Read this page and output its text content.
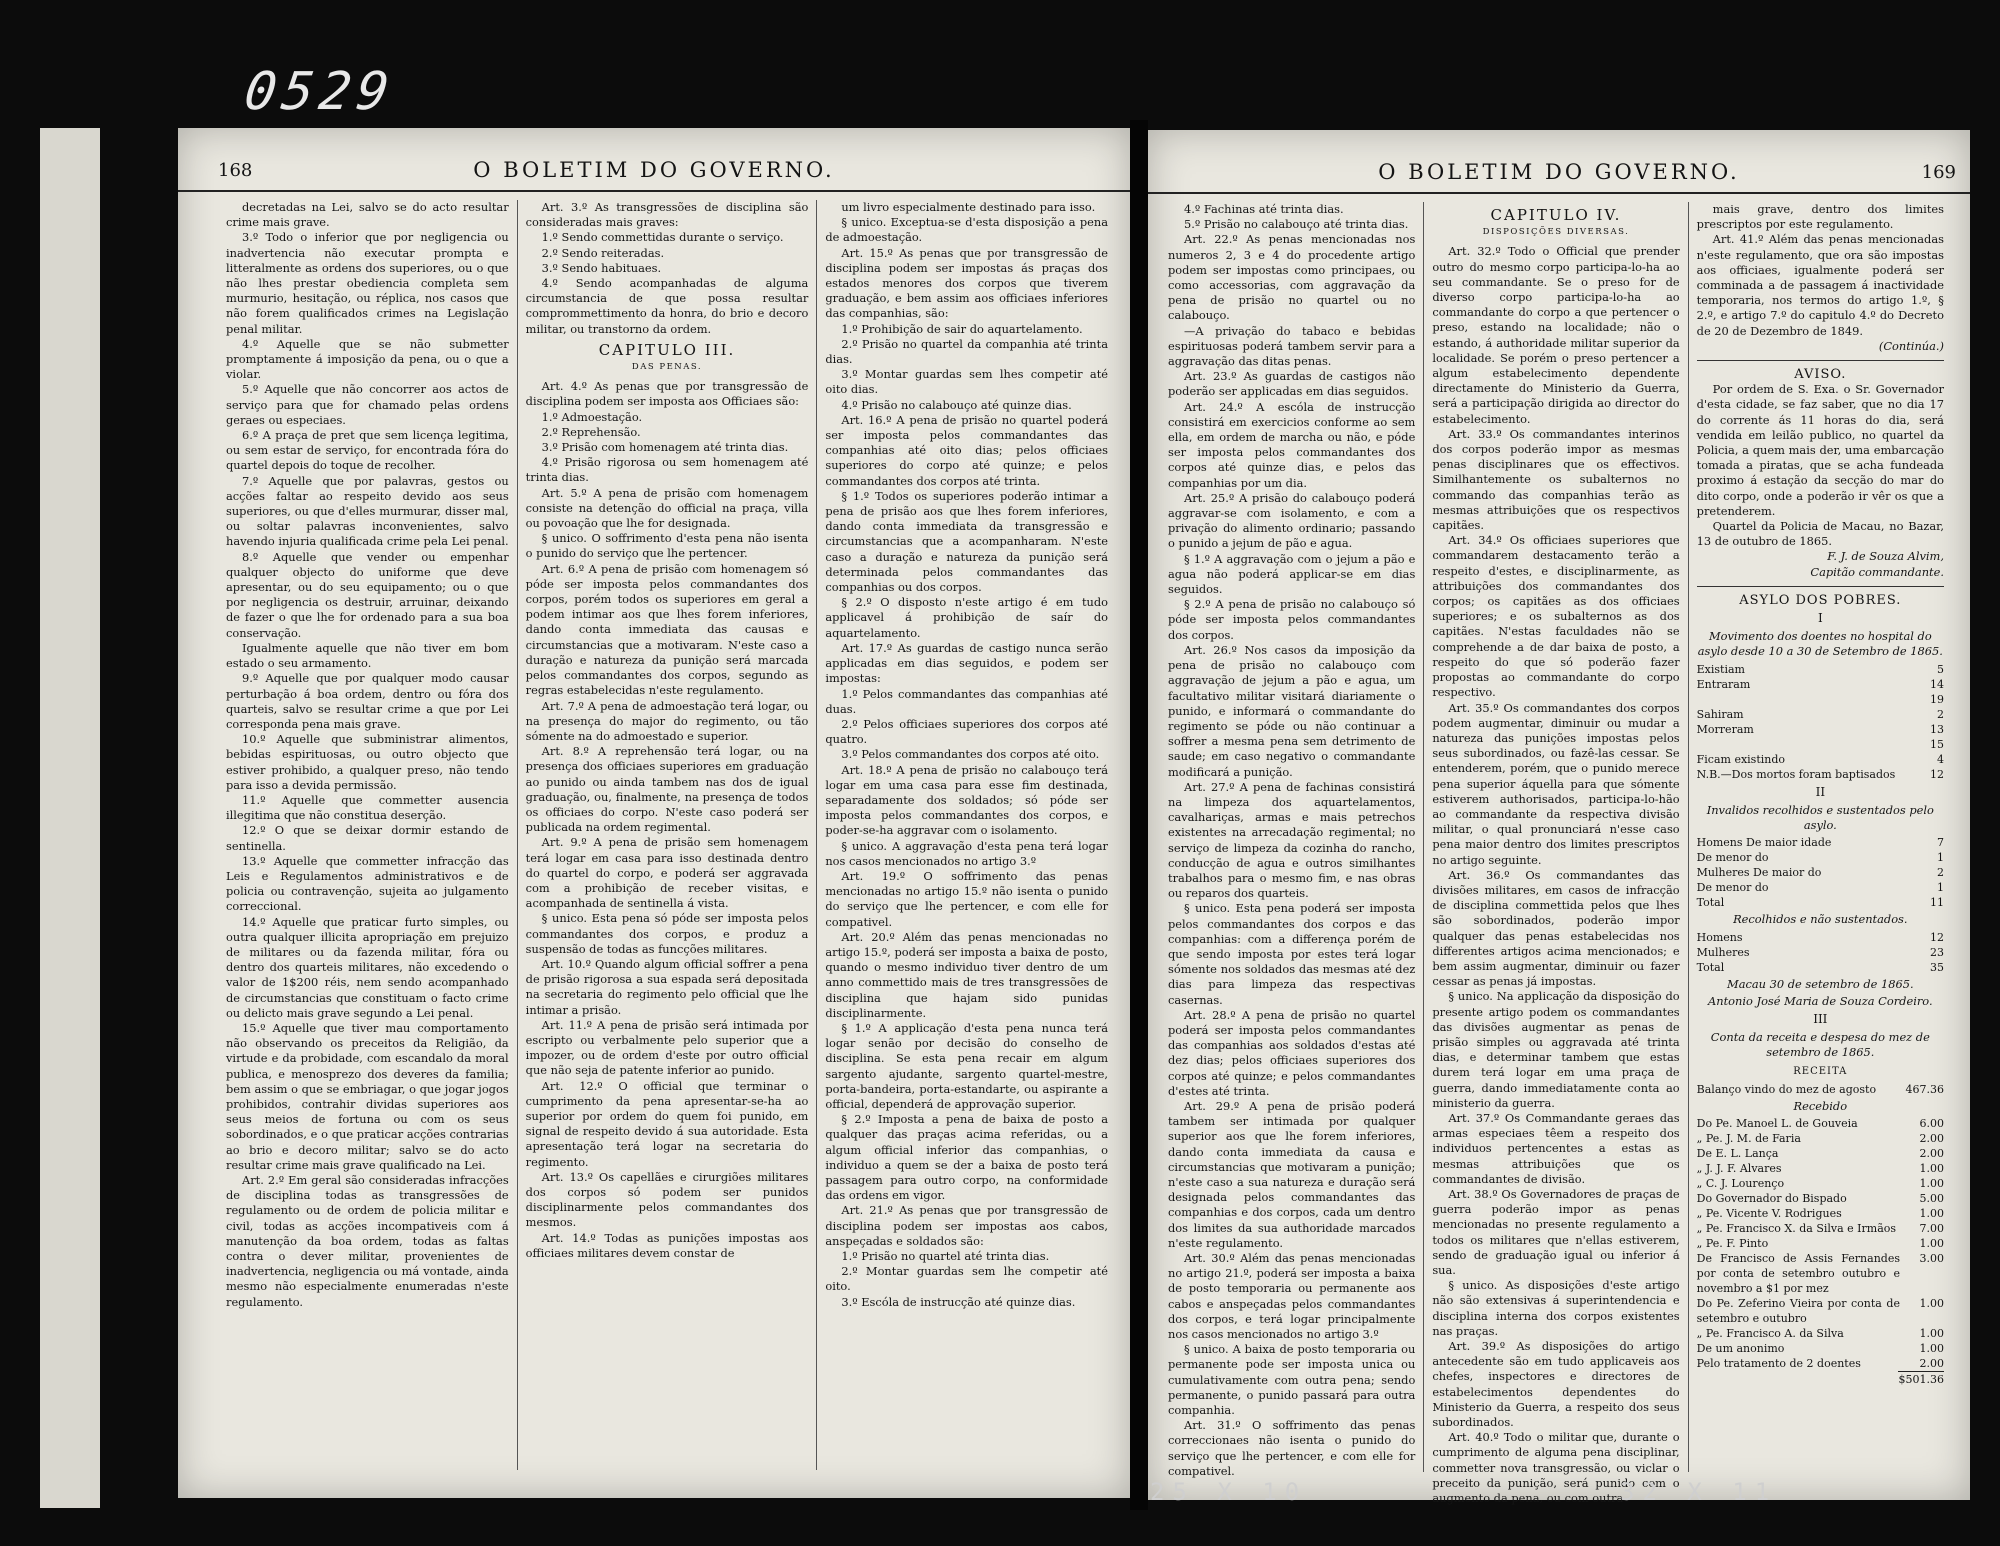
0529
168	O BOLETIM DO GOVERNO.

decretadas na Lei, salvo se do acto resultar crime mais grave.

3.º Todo o inferior que por negligencia ou inadvertencia não executar promptа e litteralmente as ordens dos superiores, ou o que não lhes prestar obediencia completa sem murmurio, hesitação, ou réplica, nos casos que não forem qualificados crimes na Legislação penal militar.

4.º Aquelle que se não submetter promptamente á imposição da pena, ou o que a violar.

5.º Aquelle que não concorrer aos actos de serviço para que for chamado pelas ordens geraes ou especiaes.

6.º A praça de pret que sem licença legitima, ou sem estar de serviço, for encontrada fóra do quartel depois do toque de recolher.

7.º Aquelle que por palavras, gestos ou acções faltar ao respeito devido aos seus superiores, ou que d'elles murmurar, disser mal, ou soltar palavras inconvenientes, salvo havendo injuria qualificada crime pela Lei penal.

8.º Aquelle que vender ou empenhar qualquer objecto do uniforme que deve apresentar, ou do seu equipamento; ou o que por negligencia os destruir, arruinar, deixando de fazer o que lhe for ordenado para a sua boa conservação.

Igualmente aquelle que não tiver em bom estado o seu armamento.

9.º Aquelle que por qualquer modo causar perturbação á boa ordem, dentro ou fóra dos quarteis, salvo se resultar crime a que por Lei corresponda pena mais grave.

10.º Aquelle que subministrar alimentos, bebidas espirituosas, ou outro objecto que estiver prohibido, a qualquer preso, não tendo para isso a devida permissão.

11.º Aquelle que commetter ausencia illegitima que não constitua deserção.

12.º O que se deixar dormir estando de sentinella.

13.º Aquelle que commetter infracção das Leis e Regulamentos administrativos e de policia ou contravenção, sujeita ao julgamento correccional.

14.º Aquelle que praticar furto simples, ou outra qualquer illicita apropriação em prejuizo de militares ou da fazenda militar, fóra ou dentro dos quarteis militares, não excedendo o valor de 1$200 réis, nem sendo acompanhado de circumstancias que constituam o facto crime ou delicto mais grave segundo a Lei penal.

15.º Aquelle que tiver mau comportamento não observando os preceitos da Religião, da virtude e da probidade, com escandalo da moral publica, e menosprezo dos deveres da familia; bem assim o que se embriagar, o que jogar jogos prohibidos, contrahir dividas superiores aos seus meios de fortuna ou com os seus sobordinados, e o que praticar acções contrarias ao brio e decoro militar; salvo se do acto resultar crime mais grave qualificado na Lei.

Art. 2.º Em geral são consideradas infracções de disciplina todas as transgressões de regulamento ou de ordem de policia militar e civil, todas as acções incompativeis com á manutenção da boa ordem, todas as faltas contra o dever militar, provenientes de inadvertencia, negligencia ou má vontade, ainda mesmo não especialmente enumeradas n'este regulamento.

Art. 3.º As transgressões de disciplina são consideradas mais graves:

1.º Sendo commettidas durante o serviço.

2.º Sendo reiteradas.

3.º Sendo habituaes.

4.º Sendo acompanhadas de alguma circumstancia de que possa resultar comprommettimento da honra, do brio e decoro militar, ou transtorno da ordem.

CAPITULO III.
DAS PENAS.

Art. 4.º As penas que por transgressão de disciplina podem ser imposta aos Officiaes são:

1.º Admoestação.

2.º Reprehensão.

3.º Prisão com homenagem até trinta dias.

4.º Prisão rigorosa ou sem homenagem até trinta dias.

Art. 5.º A pena de prisão com homenagem consiste na detenção do official na praça, villa ou povoação que lhe for designada.

§ unico. O soffrimento d'esta pena não isenta o punido do serviço que lhe pertencer.

Art. 6.º A pena de prisão com homenagem só póde ser imposta pelos commandantes dos corpos, porém todos os superiores em geral a podem intimar aos que lhes forem inferiores, dando conta immediata das causas e circumstancias que a motivaram. N'este caso a duração e natureza da punição será marcada pelos commandantes dos corpos, segundo as regras estabelecidas n'este regulamento.

Art. 7.º A pena de admoestação terá logar, ou na presença do major do regimento, ou tão sómente na do admoestado e superior.

Art. 8.º A reprehensão terá logar, ou na presença dos officiaes superiores em graduação ao punido ou ainda tambem nas dos de igual graduação, ou, finalmente, na presença de todos os officiaes do corpo. N'este caso poderá ser publicada na ordem regimental.

Art. 9.º A pena de prisão sem homenagem terá logar em casa para isso destinada dentro do quartel do corpo, e poderá ser aggravada com a prohibição de receber visitas, e acompanhada de sentinella á vista.

§ unico. Esta pena só póde ser imposta pelos commandantes dos corpos, e produz a suspensão de todas as funcções militares.

Art. 10.º Quando algum official soffrer a pena de prisão rigorosa a sua espada será depositada na secretaria do regimento pelo official que lhe intimar a prisão.

Art. 11.º A pena de prisão será intimada por escripto ou verbalmente pelo superior que a impozer, ou de ordem d'este por outro official que não seja de patente inferior ao punido.

Art. 12.º O official que terminar o cumprimento da pena apresentar-se-ha ao superior por ordem do quem foi punido, em signal de respeito devido á sua autoridade. Esta apresentação terá logar na secretaria do regimento.

Art. 13.º Os capellães e cirurgiões militares dos corpos só podem ser punidos disciplinarmente pelos commandantes dos mesmos.

Art. 14.º Todas as punições impostas aos officiaes militares devem constar de

um livro especialmente destinado para isso.

§ unico. Exceptua-se d'esta disposição a pena de admoestação.

Art. 15.º As penas que por transgressão de disciplina podem ser impostas ás praças dos estados menores dos corpos que tiverem graduação, e bem assim aos officiaes inferiores das companhias, são:

1.º Prohibição de sair do aquartelamento.

2.º Prisão no quartel da companhia até trinta dias.

3.º Montar guardas sem lhes competir até oito dias.

4.º Prisão no calabouço até quinze dias.

Art. 16.º A pena de prisão no quartel poderá ser imposta pelos commandantes das companhias até oito dias; pelos officiaes superiores do corpo até quinze; e pelos commandantes dos corpos até trinta.

§ 1.º Todos os superiores poderão intimar a pena de prisão aos que lhes forem inferiores, dando conta immediata da transgressão e circumstancias que a acompanharam. N'este caso a duração e natureza da punição será determinada pelos commandantes das companhias ou dos corpos.

§ 2.º O disposto n'este artigo é em tudo applicavel á prohibição de saír do aquartelamento.

Art. 17.º As guardas de castigo nunca serão applicadas em dias seguidos, e podem ser impostas:

1.º Pelos commandantes das companhias até duas.

2.º Pelos officiaes superiores dos corpos até quatro.

3.º Pelos commandantes dos corpos até oito.

Art. 18.º A pena de prisão no calabouço terá logar em uma casa para esse fim destinada, separadamente dos soldados; só póde ser imposta pelos commandantes dos corpos, e poder-se-ha aggravar com o isolamento.

§ unico. A aggravação d'esta pena terá logar nos casos mencionados no artigo 3.º

Art. 19.º O soffrimento das penas mencionadas no artigo 15.º não isenta o punido do serviço que lhe pertencer, e com elle for compativel.

Art. 20.º Além das penas mencionadas no artigo 15.º, poderá ser imposta a baixa de posto, quando o mesmo individuo tiver dentro de um anno commettido mais de tres transgressões de disciplina que hajam sido punidas disciplinarmente.

§ 1.º A applicação d'esta pena nunca terá logar senão por decisão do conselho de disciplina. Se esta pena recair em algum sargento ajudante, sargento quartel-mestre, porta-bandeira, porta-estandarte, ou aspirante a official, dependerá de approvação superior.

§ 2.º Imposta a pena de baixa de posto a qualquer das praças acima referidas, ou a algum official inferior das companhias, o individuo a quem se der a baixa de posto terá passagem para outro corpo, na conformidade das ordens em vigor.

Art. 21.º As penas que por transgressão de disciplina podem ser impostas aos cabos, anspeçadas e soldados são:

1.º Prisão no quartel até trinta dias.

2.º Montar guardas sem lhe competir até oito.

3.º Escóla de instrucção até quinze dias.

O BOLETIM DO GOVERNO.	169

4.º Fachinas até trinta dias.

5.º Prisão no calabouço até trinta dias.

Art. 22.º As penas mencionadas nos numeros 2, 3 e 4 do procedente artigo podem ser impostas como principaes, ou como accessorias, com aggravação da pena de prisão no quartel ou no calabouço.

—A privação do tabaco e bebidas espirituosas poderá tambem servir para a aggravação das ditas penas.

Art. 23.º As guardas de castigos não poderão ser applicadas em dias seguidos.

Art. 24.º A escóla de instrucção consistirá em exercicios conforme ao sem ella, em ordem de marcha ou não, e póde ser imposta pelos commandantes dos corpos até quinze dias, e pelos das companhias por um dia.

Art. 25.º A prisão do calabouço poderá aggravar-se com isolamento, e com a privação do alimento ordinario; passando o punido a jejum de pão e agua.

§ 1.º A aggravação com o jejum a pão e agua não poderá applicar-se em dias seguidos.

§ 2.º A pena de prisão no calabouço só póde ser imposta pelos commandantes dos corpos.

Art. 26.º Nos casos da imposição da pena de prisão no calabouço com aggravação de jejum a pão e agua, um facultativo militar visitará diariamente o punido, e informará o commandante do regimento se póde ou não continuar a soffrer a mesma pena sem detrimento de saude; em caso negativo o commandante modificará a punição.

Art. 27.º A pena de fachinas consistirá na limpeza dos aquartelamentos, cavalhariças, armas e mais petrechos existentes na arrecadação regimental; no serviço de limpeza da cozinha do rancho, conducção de agua e outros similhantes trabalhos para o mesmo fim, e nas obras ou reparos dos quarteis.

§ unico. Esta pena poderá ser imposta pelos commandantes dos corpos e das companhias: com a differença porém de que sendo imposta por estes terá logar sómente nos soldados das mesmas até dez dias para limpeza das respectivas casernas.

Art. 28.º A pena de prisão no quartel poderá ser imposta pelos commandantes das companhias aos soldados d'estas até dez dias; pelos officiaes superiores dos corpos até quinze; e pelos commandantes d'estes até trinta.

Art. 29.º A pena de prisão poderá tambem ser intimada por qualquer superior aos que lhe forem inferiores, dando conta immediata da causa e circumstancias que motivaram a punição; n'este caso a sua natureza e duração será designada pelos commandantes das companhias e dos corpos, cada um dentro dos limites da sua authoridade marcados n'este regulamento.

Art. 30.º Além das penas mencionadas no artigo 21.º, poderá ser imposta a baixa de posto temporaria ou permanente aos cabos e anspeçadas pelos commandantes dos corpos, e terá logar principalmente nos casos mencionados no artigo 3.º

§ unico. A baixa de posto temporaria ou permanente pode ser imposta unica ou cumulativamente com outra pena; sendo permanente, o punido passará para outra companhia.

Art. 31.º O soffrimento das penas correccionaes não isenta o punido do serviço que lhe pertencer, e com elle for compativel.

CAPITULO IV.
DISPOSIÇÕES DIVERSAS.

Art. 32.º Todo o Official que prender outro do mesmo corpo participa-lo-ha ao seu commandante. Se o preso for de diverso corpo participa-lo-ha ao commandante do corpo a que pertencer o preso, estando na localidade; não o estando, á authoridade militar superior da localidade. Se porém o preso pertencer a algum estabelecimento dependente directamente do Ministerio da Guerra, será a participação dirigida ao director do estabelecimento.

Art. 33.º Os commandantes interinos dos corpos poderão impor as mesmas penas disciplinares que os effectivos. Similhantemente os subalternos no commando das companhias terão as mesmas attribuições que os respectivos capitães.

Art. 34.º Os officiaes superiores que commandarem destacamento terão a respeito d'estes, e disciplinarmente, as attribuições dos commandantes dos corpos; os capitães as dos officiaes superiores; e os subalternos as dos capitães. N'estas faculdades não se comprehende a de dar baixa de posto, a respeito do que só poderão fazer propostas ao commandante do corpo respectivo.

Art. 35.º Os commandantes dos corpos podem augmentar, diminuir ou mudar a natureza das punições impostas pelos seus subordinados, ou fazê-las cessar. Se entenderem, porém, que o punido merece pena superior áquella para que sómente estiverem authorisados, participa-lo-hão ao commandante da respectiva divisão militar, o qual pronunciará n'esse caso pena maior dentro dos limites prescriptos no artigo seguinte.

Art. 36.º Os commandantes das divisões militares, em casos de infracção de disciplina commettida pelos que lhes são sobordinados, poderão impor qualquer das penas estabelecidas nos differentes artigos acima mencionados; e bem assim augmentar, diminuir ou fazer cessar as penas já impostas.

§ unico. Na applicação da disposição do presente artigo podem os commandantes das divisões augmentar as penas de prisão simples ou aggravada até trinta dias, e determinar tambem que estas durem terá logar em uma praça de guerra, dando immediatamente conta ao ministerio da guerra.

Art. 37.º Os Commandante geraes das armas especiaes têem a respeito dos individuos pertencentes a estas as mesmas attribuições que os commandantes de divisão.

Art. 38.º Os Governadores de praças de guerra poderão impor as penas mencionadas no presente regulamento a todos os militares que n'ellas estiverem, sendo de graduação igual ou inferior á sua.

§ unico. As disposições d'este artigo não são extensivas á superintendencia e disciplina interna dos corpos existentes nas praças.

Art. 39.º As disposições do artigo antecedente são em tudo applicaveis aos chefes, inspectores e directores de estabelecimentos dependentes do Ministerio da Guerra, a respeito dos seus subordinados.

Art. 40.º Todo o militar que, durante o cumprimento de alguma pena disciplinar, commetter nova transgressão, ou viclar o preceito da punição, será punido com o augmento da pena, ou com outra

mais grave, dentro dos limites prescriptos por este regulamento.

Art. 41.º Além das penas mencionadas n'este regulamento, que ora são impostas aos officiaes, igualmente poderá ser comminada a de passagem á inactividade temporaria, nos termos do artigo 1.º, § 2.º, e artigo 7.º do capitulo 4.º do Decreto de 20 de Dezembro de 1849.

(Continúa.)
AVISO.

Por ordem de S. Exa. o Sr. Governador d'esta cidade, se faz saber, que no dia 17 do corrente ás 11 horas do dia, será vendida em leilão publico, no quartel da Policia, a quem mais der, uma embarcação tomada a piratas, que se acha fundeada proximo á estação da secção do mar do dito corpo, onde a poderão ir vêr os que a pretenderem.

Quartel da Policia de Macau, no Bazar, 13 de outubro de 1865.

F. J. de Souza Alvim,
Capitão commandante.
ASYLO DOS POBRES.
I
Movimento dos doentes no hospital do asylo desde 10 a 30 de Setembro de 1865.
Existiam	5
Entraram	14
19
Sahiram	2
Morreram	13
15
Ficam existindo	4
N.B.—Dos mortos foram baptisados	12
II
Invalidos recolhidos e sustentados pelo asylo.
Homens De maior idade	7
De menor do	1
Mulheres De maior do	2
De menor do	1
Total	11
Recolhidos e não sustentados.
Homens	12
Mulheres	23
Total	35
Macau 30 de setembro de 1865.
Antonio José Maria de Souza Cordeiro.
III
Conta da receita e despesa do mez de setembro de 1865.
RECEITA
Balanço vindo do mez de agosto	467.36
Recebido
Do Pe. Manoel L. de Gouveia	6.00
„ Pe. J. M. de Faria	2.00
De E. L. Lança	2.00
„ J. J. F. Alvares	1.00
„ C. J. Lourenço	1.00
Do Governador do Bispado	5.00
„ Pe. Vicente V. Rodrigues	1.00
„ Pe. Francisco X. da Silva e Irmãos	7.00
„ Pe. F. Pinto	1.00
De Francisco de Assis Fernandes por conta de setembro outubro e novembro a $1 por mez
3.00
Do Pe. Zeferino Vieira por conta de setembro e outubro
1.00
„ Pe. Francisco A. da Silva	1.00
De um anonimo	1.00
Pelo tratamento de 2 doentes	2.00
$501.36
25 X 10	32 X 11
